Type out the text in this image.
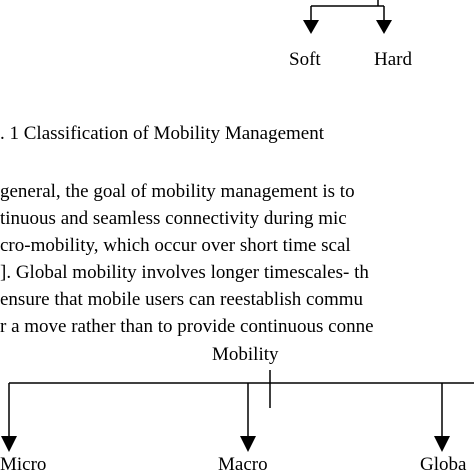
Soft	Hard
. 1 Classification of Mobility Management
general, the goal of mobility management is to
tinuous and seamless connectivity during mic
cro-mobility, which occur over short time scal
]. Global mobility involves longer timescales- th
ensure that mobile users can reestablish commu
r a move rather than to provide continuous conne
Mobility
Micro	Macro	Globa
